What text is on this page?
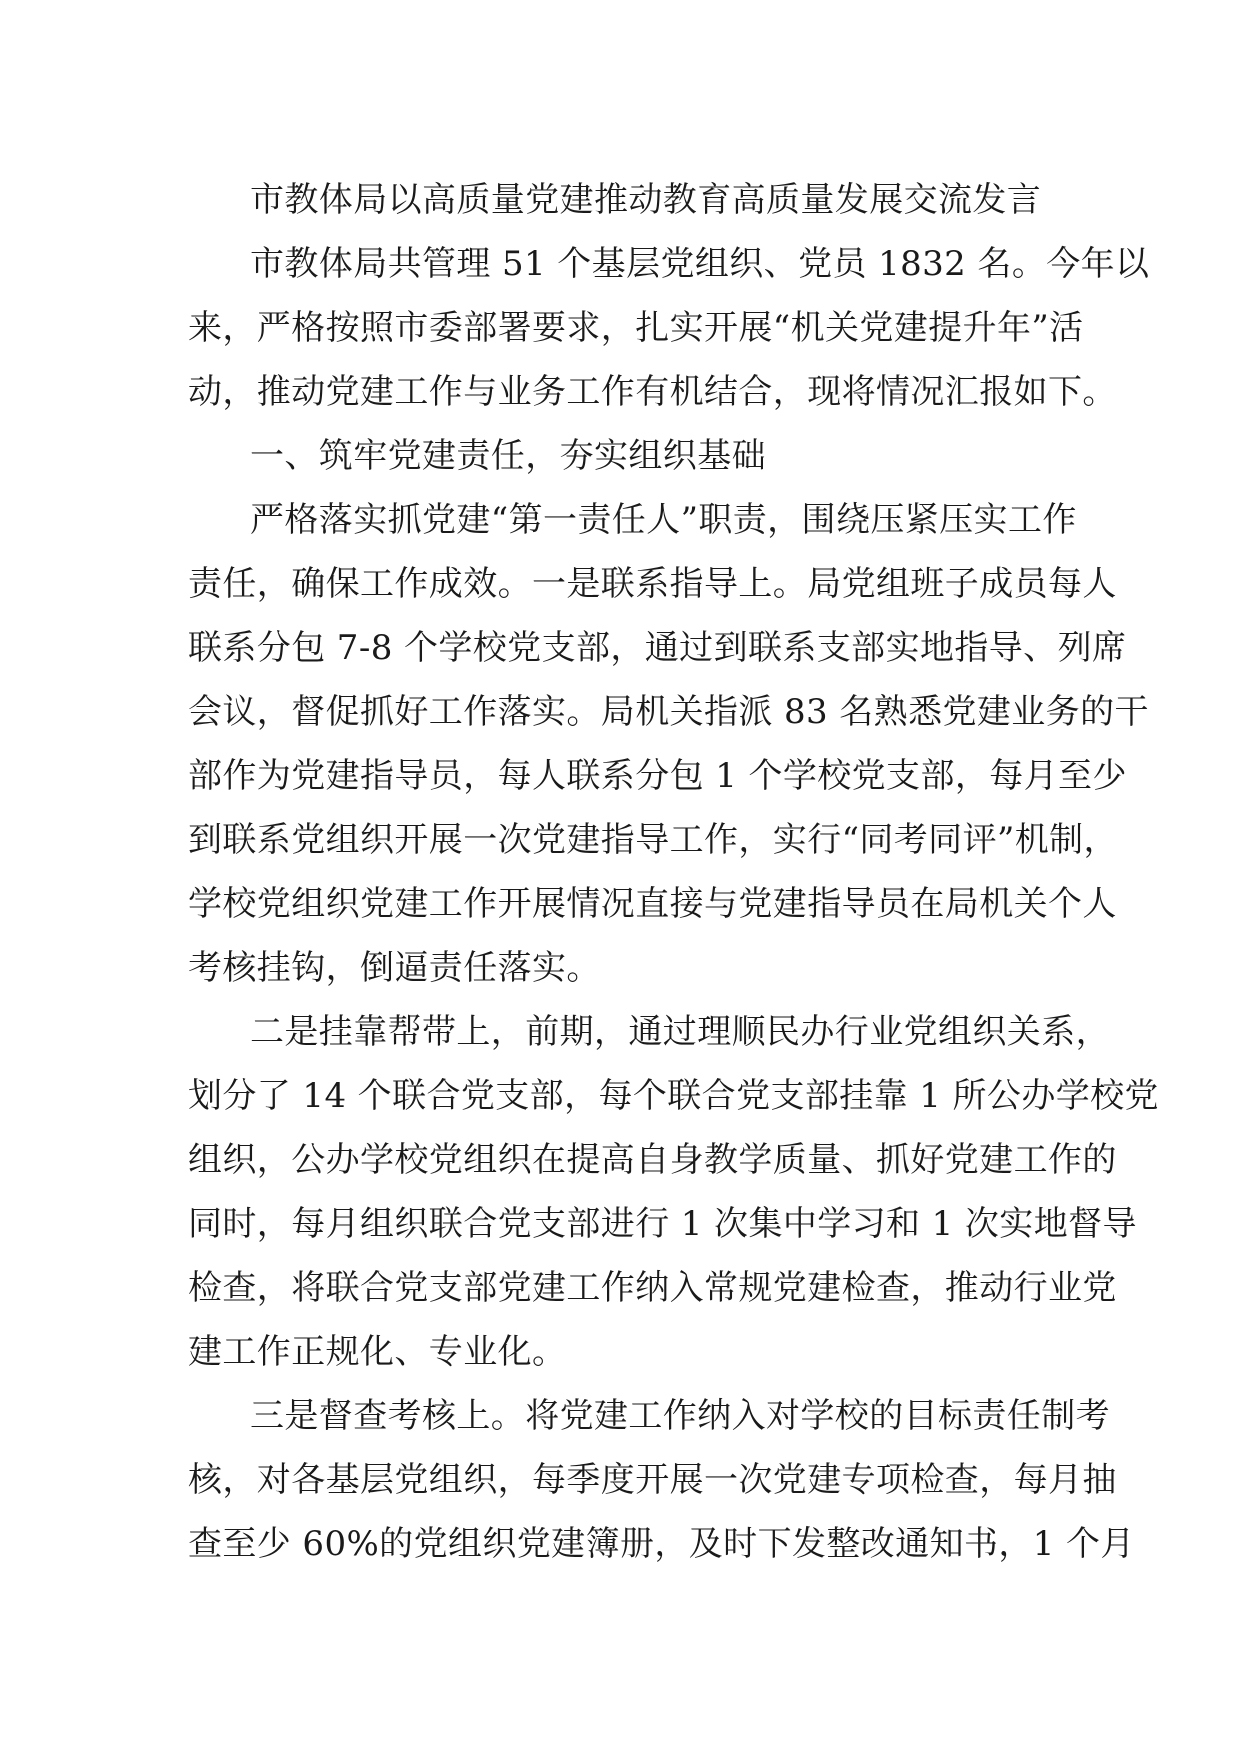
市教体局以高质量党建推动教育高质量发展交流发言
市教体局共管理 51 个基层党组织、党员 1832 名。今年以
来，严格按照市委部署要求，扎实开展“机关党建提升年”活
动，推动党建工作与业务工作有机结合，现将情况汇报如下。
一、筑牢党建责任，夯实组织基础
严格落实抓党建“第一责任人”职责，围绕压紧压实工作
责任，确保工作成效。一是联系指导上。局党组班子成员每人
联系分包 7-8 个学校党支部，通过到联系支部实地指导、列席
会议，督促抓好工作落实。局机关指派 83 名熟悉党建业务的干
部作为党建指导员，每人联系分包 1 个学校党支部，每月至少
到联系党组织开展一次党建指导工作，实行“同考同评”机制，
学校党组织党建工作开展情况直接与党建指导员在局机关个人
考核挂钩，倒逼责任落实。
二是挂靠帮带上，前期，通过理顺民办行业党组织关系，
划分了 14 个联合党支部，每个联合党支部挂靠 1 所公办学校党
组织，公办学校党组织在提高自身教学质量、抓好党建工作的
同时，每月组织联合党支部进行 1 次集中学习和 1 次实地督导
检查，将联合党支部党建工作纳入常规党建检查，推动行业党
建工作正规化、专业化。
三是督查考核上。将党建工作纳入对学校的目标责任制考
核，对各基层党组织，每季度开展一次党建专项检查，每月抽
查至少 60%的党组织党建簿册，及时下发整改通知书，1 个月
